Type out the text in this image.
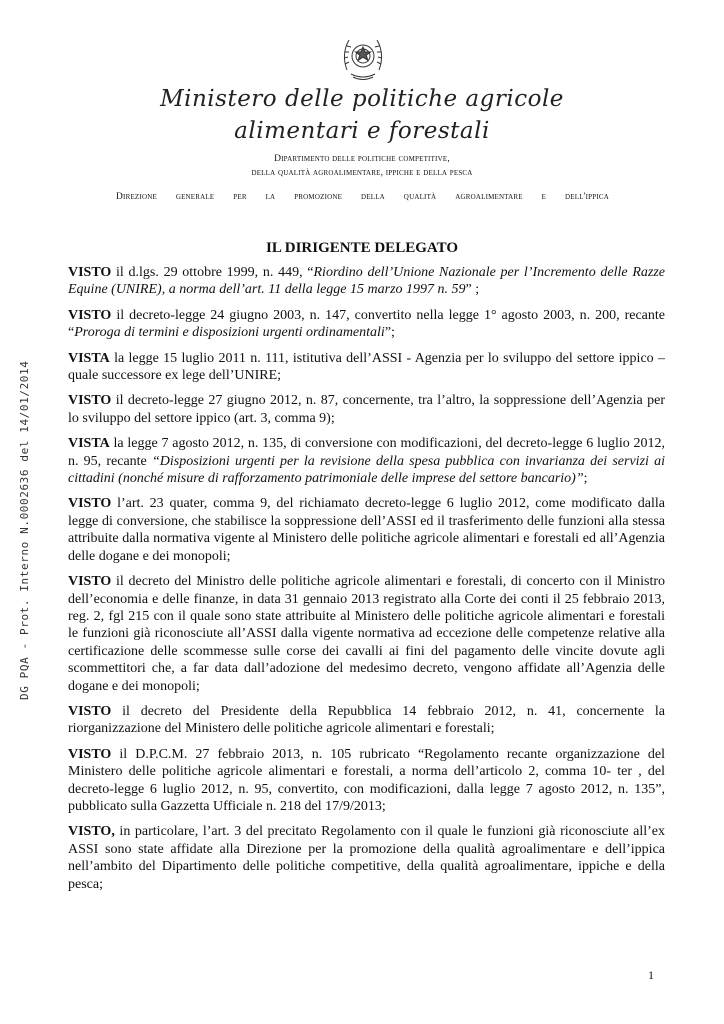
Ministero delle politiche agricole
alimentari e forestali
Dipartimento delle politiche competitive,
della qualità agroalimentare, ippiche e della pesca
Direzione generale per la promozione della qualità agroalimentare e dell'ippica
DG PQA - Prot. Interno N.0002636 del 14/01/2014
IL DIRIGENTE DELEGATO

VISTO il d.lgs. 29 ottobre 1999, n. 449, “Riordino dell’Unione Nazionale per l’Incremento delle Razze Equine (UNIRE), a norma dell’art. 11 della legge 15 marzo 1997 n. 59” ;

VISTO il decreto-legge 24 giugno 2003, n. 147, convertito nella legge 1° agosto 2003, n. 200, recante “Proroga di termini e disposizioni urgenti ordinamentali”;

VISTA la legge 15 luglio 2011 n. 111, istitutiva dell’ASSI - Agenzia per lo sviluppo del settore ippico – quale successore ex lege dell’UNIRE;

VISTO il decreto-legge 27 giugno 2012, n. 87, concernente, tra l’altro, la soppressione dell’Agenzia per lo sviluppo del settore ippico (art. 3, comma 9);

VISTA la legge 7 agosto 2012, n. 135, di conversione con modificazioni, del decreto-legge 6 luglio 2012, n. 95, recante “Disposizioni urgenti per la revisione della spesa pubblica con invarianza dei servizi ai cittadini (nonché misure di rafforzamento patrimoniale delle imprese del settore bancario)”;

VISTO l’art. 23 quater, comma 9, del richiamato decreto-legge 6 luglio 2012, come modificato dalla legge di conversione, che stabilisce la soppressione dell’ASSI ed il trasferimento delle funzioni alla stessa attribuite dalla normativa vigente al Ministero delle politiche agricole alimentari e forestali ed all’Agenzia delle dogane e dei monopoli;

VISTO il decreto del Ministro delle politiche agricole alimentari e forestali, di concerto con il Ministro dell’economia e delle finanze, in data 31 gennaio 2013 registrato alla Corte dei conti il 25 febbraio 2013, reg. 2, fgl 215 con il quale sono state attribuite al Ministero delle politiche agricole alimentari e forestali le funzioni già riconosciute all’ASSI dalla vigente normativa ad eccezione delle competenze relative alla certificazione delle scommesse sulle corse dei cavalli ai fini del pagamento delle vincite dovute agli scommettitori che, a far data dall’adozione del medesimo decreto, vengono affidate all’Agenzia delle dogane e dei monopoli;

VISTO il decreto del Presidente della Repubblica 14 febbraio 2012, n. 41, concernente la riorganizzazione del Ministero delle politiche agricole alimentari e forestali;

VISTO il D.P.C.M. 27 febbraio 2013, n. 105 rubricato “Regolamento recante organizzazione del Ministero delle politiche agricole alimentari e forestali, a norma dell’articolo 2, comma 10- ter , del decreto-legge 6 luglio 2012, n. 95, convertito, con modificazioni, dalla legge 7 agosto 2012, n. 135”, pubblicato sulla Gazzetta Ufficiale n. 218 del 17/9/2013;

VISTO, in particolare, l’art. 3 del precitato Regolamento con il quale le funzioni già riconosciute all’ex ASSI sono state affidate alla Direzione per la promozione della qualità agroalimentare e dell’ippica nell’ambito del Dipartimento delle politiche competitive, della qualità agroalimentare, ippiche e della pesca;

1
